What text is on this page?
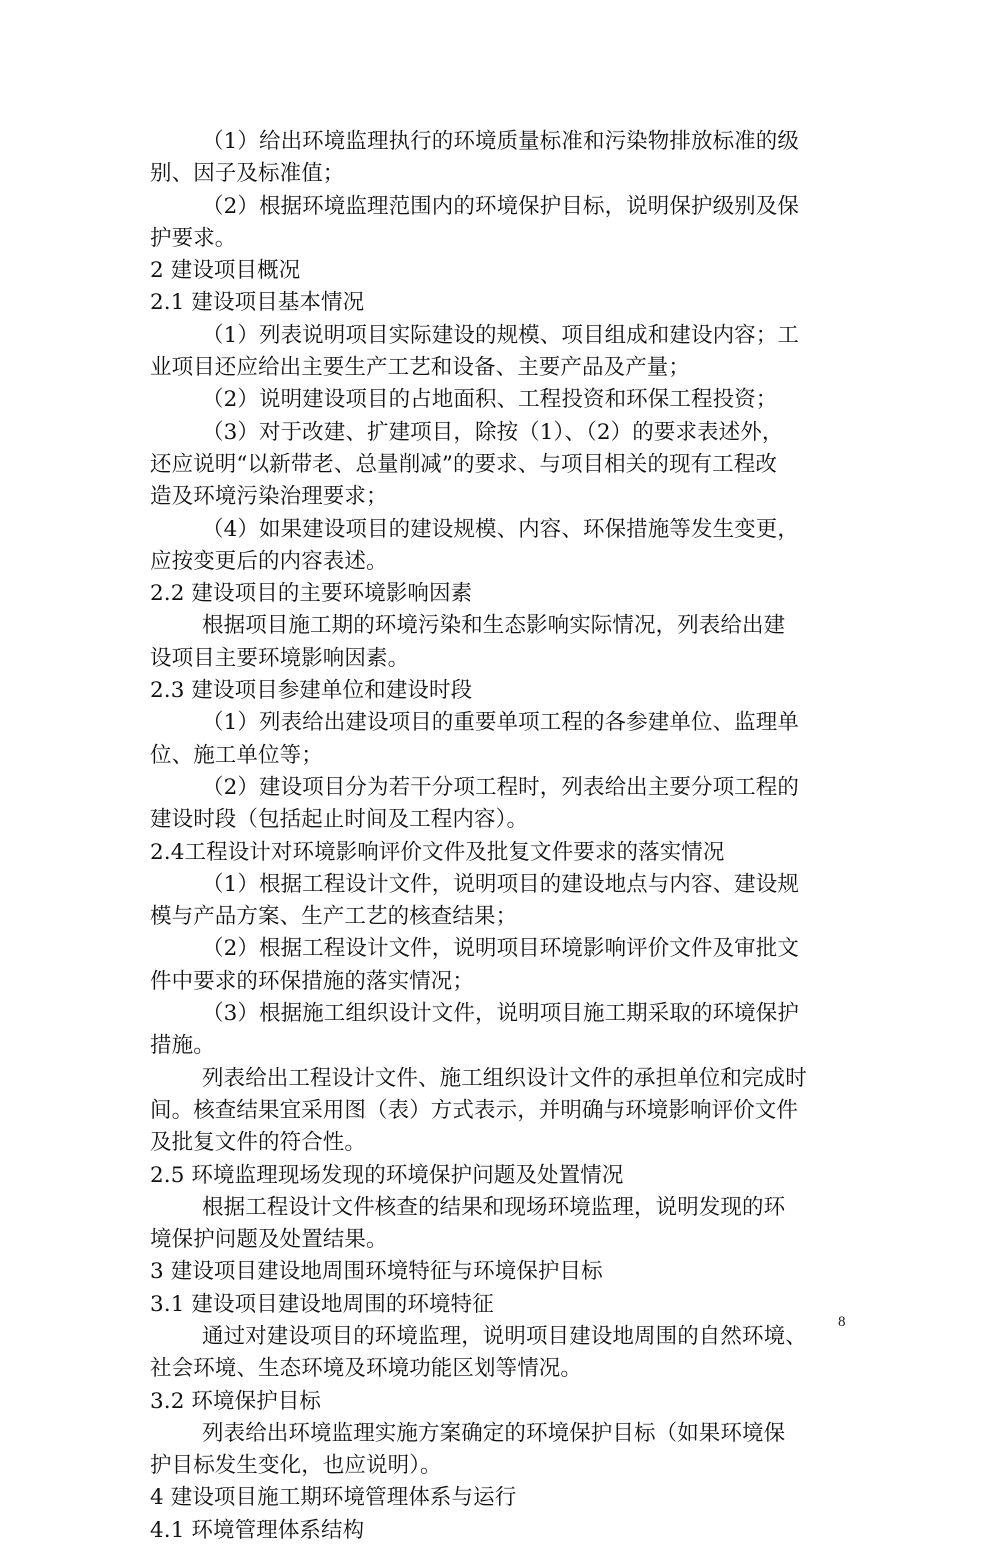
（1）给出环境监理执行的环境质量标准和污染物排放标准的级
别、因子及标准值；
（2）根据环境监理范围内的环境保护目标，说明保护级别及保
护要求。
2 建设项目概况
2.1 建设项目基本情况
（1）列表说明项目实际建设的规模、项目组成和建设内容；工
业项目还应给出主要生产工艺和设备、主要产品及产量；
（2）说明建设项目的占地面积、工程投资和环保工程投资；
（3）对于改建、扩建项目，除按（1）、（2）的要求表述外，
还应说明“以新带老、总量削减”的要求、与项目相关的现有工程改
造及环境污染治理要求；
（4）如果建设项目的建设规模、内容、环保措施等发生变更，
应按变更后的内容表述。
2.2 建设项目的主要环境影响因素
根据项目施工期的环境污染和生态影响实际情况，列表给出建
设项目主要环境影响因素。
2.3 建设项目参建单位和建设时段
（1）列表给出建设项目的重要单项工程的各参建单位、监理单
位、施工单位等；
（2）建设项目分为若干分项工程时，列表给出主要分项工程的
建设时段（包括起止时间及工程内容）。
2.4工程设计对环境影响评价文件及批复文件要求的落实情况
（1）根据工程设计文件，说明项目的建设地点与内容、建设规
模与产品方案、生产工艺的核查结果；
（2）根据工程设计文件，说明项目环境影响评价文件及审批文
件中要求的环保措施的落实情况；
（3）根据施工组织设计文件，说明项目施工期采取的环境保护
措施。
列表给出工程设计文件、施工组织设计文件的承担单位和完成时
间。核查结果宜采用图（表）方式表示，并明确与环境影响评价文件
及批复文件的符合性。
2.5 环境监理现场发现的环境保护问题及处置情况
根据工程设计文件核查的结果和现场环境监理，说明发现的环
境保护问题及处置结果。
3 建设项目建设地周围环境特征与环境保护目标
3.1 建设项目建设地周围的环境特征
通过对建设项目的环境监理，说明项目建设地周围的自然环境、
社会环境、生态环境及环境功能区划等情况。
3.2 环境保护目标
列表给出环境监理实施方案确定的环境保护目标（如果环境保
护目标发生变化，也应说明）。
4 建设项目施工期环境管理体系与运行
4.1 环境管理体系结构
8
